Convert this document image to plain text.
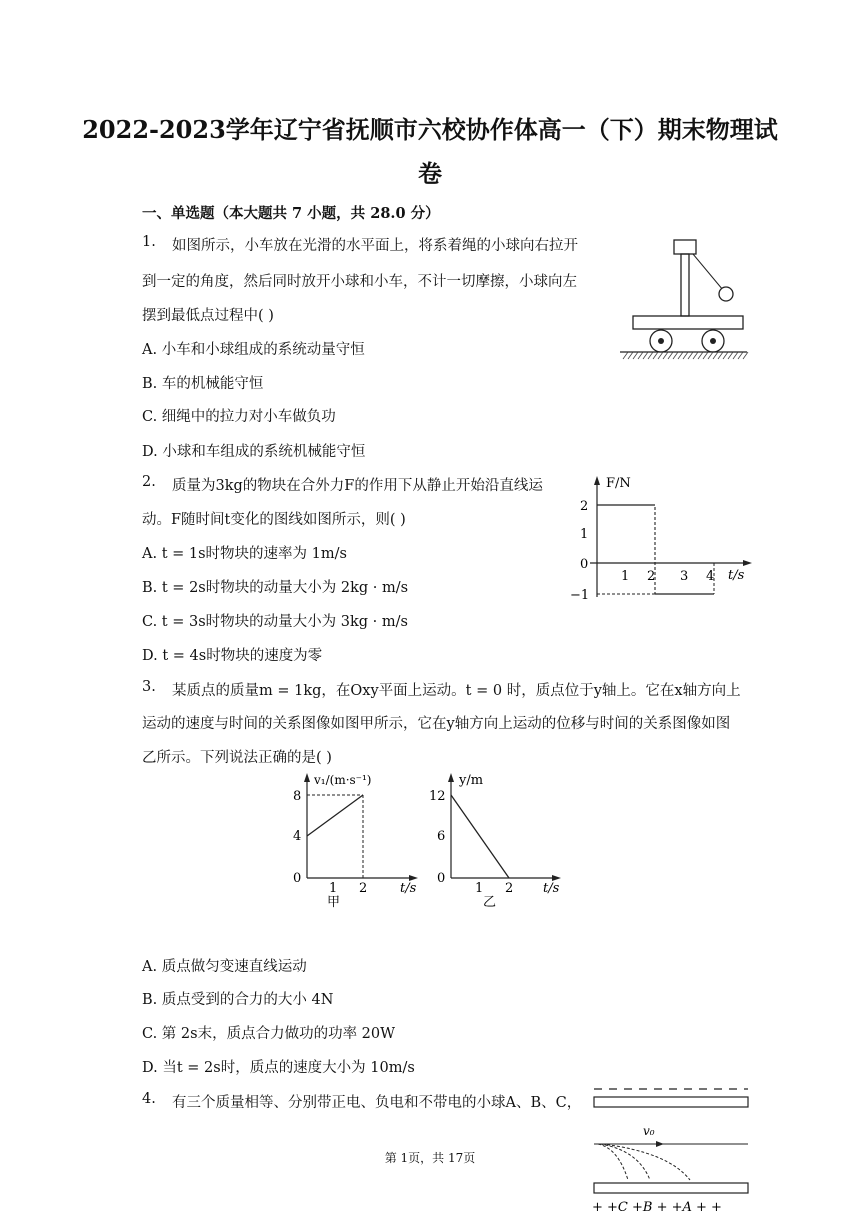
2022-2023学年辽宁省抚顺市六校协作体高一（下）期末物理试
卷
一、单选题（本大题共 7 小题，共 28.0 分）
1. 如图所示，小车放在光滑的水平面上，将系着绳的小球向右拉开
到一定的角度，然后同时放开小球和小车，不计一切摩擦，小球向左
摆到最低点过程中( )
A. 小车和小球组成的系统动量守恒
B. 车的机械能守恒
C. 细绳中的拉力对小车做负功
D. 小球和车组成的系统机械能守恒
2. 质量为3kg的物块在合外力F的作用下从静止开始沿直线运
动。F随时间t变化的图线如图所示，则( )
A. t = 1s时物块的速率为 1m/s
B. t = 2s时物块的动量大小为 2kg · m/s
C. t = 3s时物块的动量大小为 3kg · m/s
D. t = 4s时物块的速度为零
F/N
t/s
2
1
0
−1
1 2 3 4
3. 某质点的质量m = 1kg，在Oxy平面上运动。t = 0 时，质点位于y轴上。它在x轴方向上
运动的速度与时间的关系图像如图甲所示，它在y轴方向上运动的位移与时间的关系图像如图
乙所示。下列说法正确的是( )
v₁/(m·s⁻¹)
t/s
8
4
0
1 2
甲
y/m
t/s
12
6
0
1 2
乙
A. 质点做匀变速直线运动
B. 质点受到的合力的大小 4N
C. 第 2s末，质点合力做功的功率 20W
D. 当t = 2s时，质点的速度大小为 10m/s
4. 有三个质量相等、分别带正电、负电和不带电的小球A、B、C，
v₀
+ +C +B + +A + +
第 1页，共 17页
